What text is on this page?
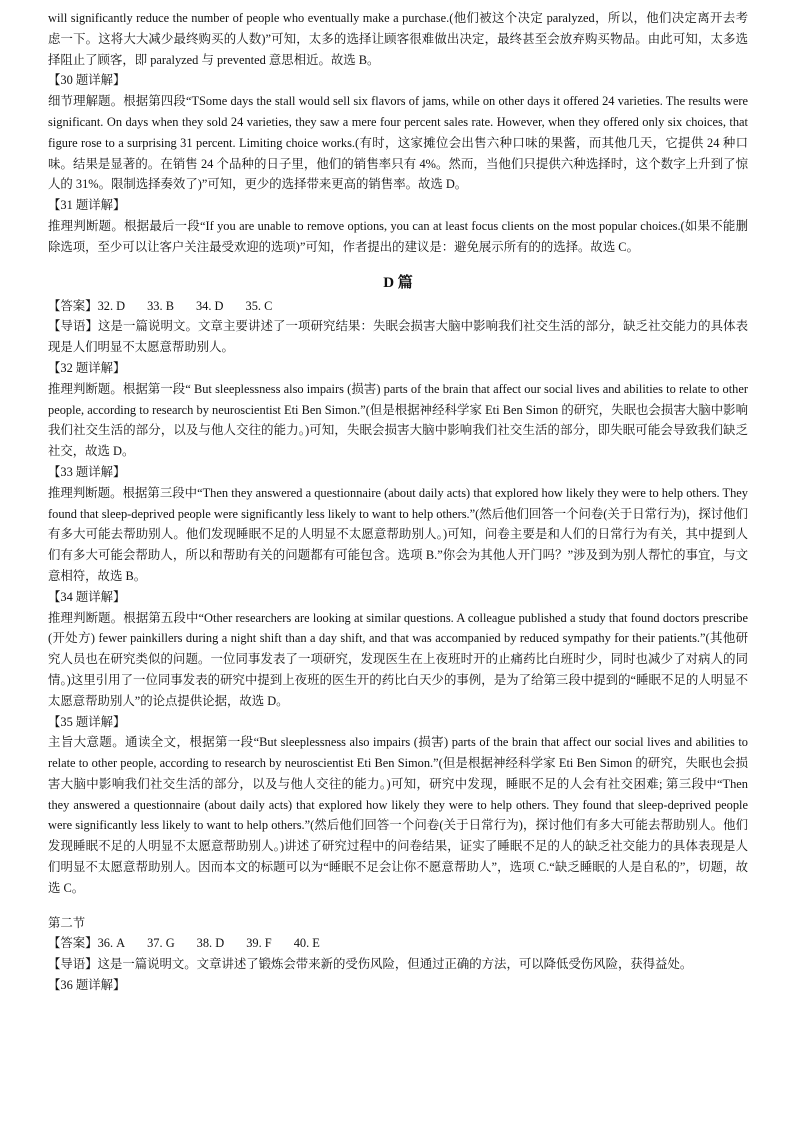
will significantly reduce the number of people who eventually make a purchase.(他们被这个决定 paralyzed，所以，他们决定离开去考虑一下。这将大大减少最终购买的人数)”可知，太多的选择让顾客很难做出决定，最终甚至会放弃购买物品。由此可知，太多选择阻止了顾客，即 paralyzed 与 prevented 意思相近。故选 B。

【30 题详解】

细节理解题。根据第四段“TSome days the stall would sell six flavors of jams, while on other days it offered 24 varieties. The results were significant. On days when they sold 24 varieties, they saw a mere four percent sales rate. However, when they offered only six choices, that figure rose to a surprising 31 percent. Limiting choice works.(有时，这家摊位会出售六种口味的果酱，而其他几天，它提供 24 种口味。结果是显著的。在销售 24 个品种的日子里，他们的销售率只有 4%。然而，当他们只提供六种选择时，这个数字上升到了惊人的 31%。限制选择奏效了)”可知，更少的选择带来更高的销售率。故选 D。

【31 题详解】

推理判断题。根据最后一段“If you are unable to remove options, you can at least focus clients on the most popular choices.(如果不能删除选项，至少可以让客户关注最受欢迎的选项)”可知，作者提出的建议是：避免展示所有的的选择。故选 C。

D 篇

【答案】32. D 33. B 34. D 35. C

【导语】这是一篇说明文。文章主要讲述了一项研究结果：失眠会损害大脑中影响我们社交生活的部分，缺乏社交能力的具体表现是人们明显不太愿意帮助别人。

【32 题详解】

推理判断题。根据第一段“ But sleeplessness also impairs (损害) parts of the brain that affect our social lives and abilities to relate to other people, according to research by neuroscientist Eti Ben Simon.”(但是根据神经科学家 Eti Ben Simon 的研究，失眠也会损害大脑中影响我们社交生活的部分，以及与他人交往的能力。)可知，失眠会损害大脑中影响我们社交生活的部分，即失眠可能会导致我们缺乏社交，故选 D。

【33 题详解】

推理判断题。根据第三段中“Then they answered a questionnaire (about daily acts) that explored how likely they were to help others. They found that sleep-deprived people were significantly less likely to want to help others.”(然后他们回答一个问卷(关于日常行为)，探讨他们有多大可能去帮助别人。他们发现睡眠不足的人明显不太愿意帮助别人。)可知，问卷主要是和人们的日常行为有关，其中提到人们有多大可能会帮助人，所以和帮助有关的问题都有可能包含。选项 B.”你会为其他人开门吗？”涉及到为别人帮忙的事宜，与文意相符，故选 B。

【34 题详解】

推理判断题。根据第五段中“Other researchers are looking at similar questions. A colleague published a study that found doctors prescribe (开处方) fewer painkillers during a night shift than a day shift, and that was accompanied by reduced sympathy for their patients.”(其他研究人员也在研究类似的问题。一位同事发表了一项研究，发现医生在上夜班时开的止痛药比白班时少，同时也减少了对病人的同情。)这里引用了一位同事发表的研究中提到上夜班的医生开的药比白天少的事例，是为了给第三段中提到的“睡眠不足的人明显不太愿意帮助别人”的论点提供论据，故选 D。

【35 题详解】

主旨大意题。通读全文，根据第一段“But sleeplessness also impairs (损害) parts of the brain that affect our social lives and abilities to relate to other people, according to research by neuroscientist Eti Ben Simon.”(但是根据神经科学家 Eti Ben Simon 的研究，失眠也会损害大脑中影响我们社交生活的部分，以及与他人交往的能力。)可知，研究中发现，睡眠不足的人会有社交困难; 第三段中“Then they answered a questionnaire (about daily acts) that explored how likely they were to help others. They found that sleep-deprived people were significantly less likely to want to help others.”(然后他们回答一个问卷(关于日常行为)，探讨他们有多大可能去帮助别人。他们发现睡眠不足的人明显不太愿意帮助别人。)讲述了研究过程中的问卷结果，证实了睡眠不足的人的缺乏社交能力的具体表现是人们明显不太愿意帮助别人。因而本文的标题可以为“睡眠不足会让你不愿意帮助人”，选项 C.“缺乏睡眠的人是自私的”，切题，故选 C。

第二节

【答案】36. A 37. G 38. D 39. F 40. E

【导语】这是一篇说明文。文章讲述了锻炼会带来新的受伤风险，但通过正确的方法，可以降低受伤风险，获得益处。

【36 题详解】
